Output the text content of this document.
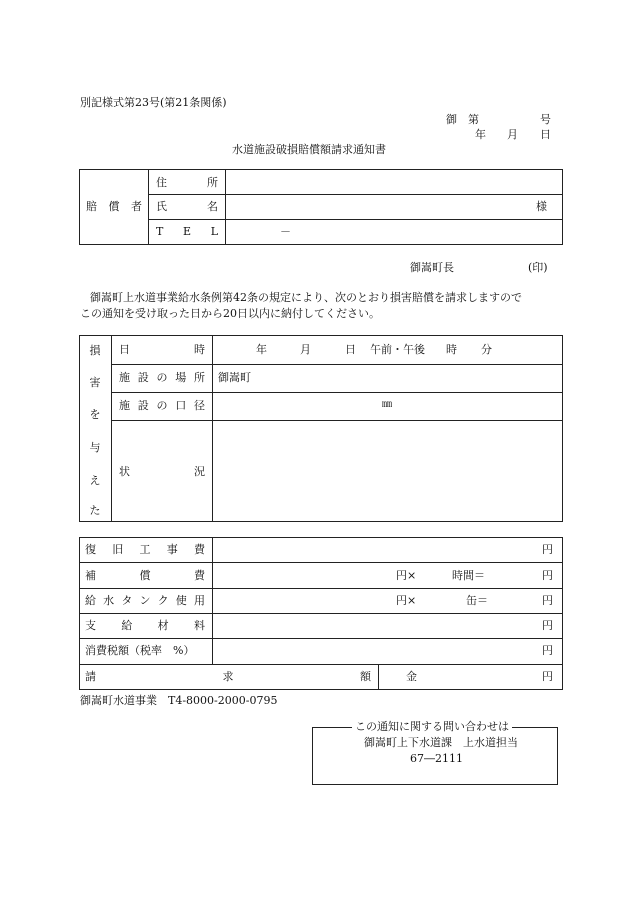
別記様式第23号(第21条関係)
御 第	号
年 月 日
水道施設破損賠償額請求通知書
賠 償 者
住	所
氏	名	様
T E L	－
御嵩町長	(印)
御嵩町上水道事業給水条例第42条の規定により、次のとおり損害賠償を請求しますので
この通知を受け取った日から20日以内に納付してください。
損
害
を
与
え
た
日	時	年	月	日 午前・午後 時 分
施 設 の 場 所 御嵩町
施 設 の 口 径	㎜
状	況
復 旧 工 事 費	円
補	償	費	円×	時間＝	円
給 水 タ ン ク 使 用	円×	缶＝	円
支 給 材 料	円
消費税額（税率　%）	円
請	求	額	金	円
御嵩町水道事業　T4-8000-2000-0795
この通知に関する問い合わせは
御嵩町上下水道課　上水道担当
67―2111
